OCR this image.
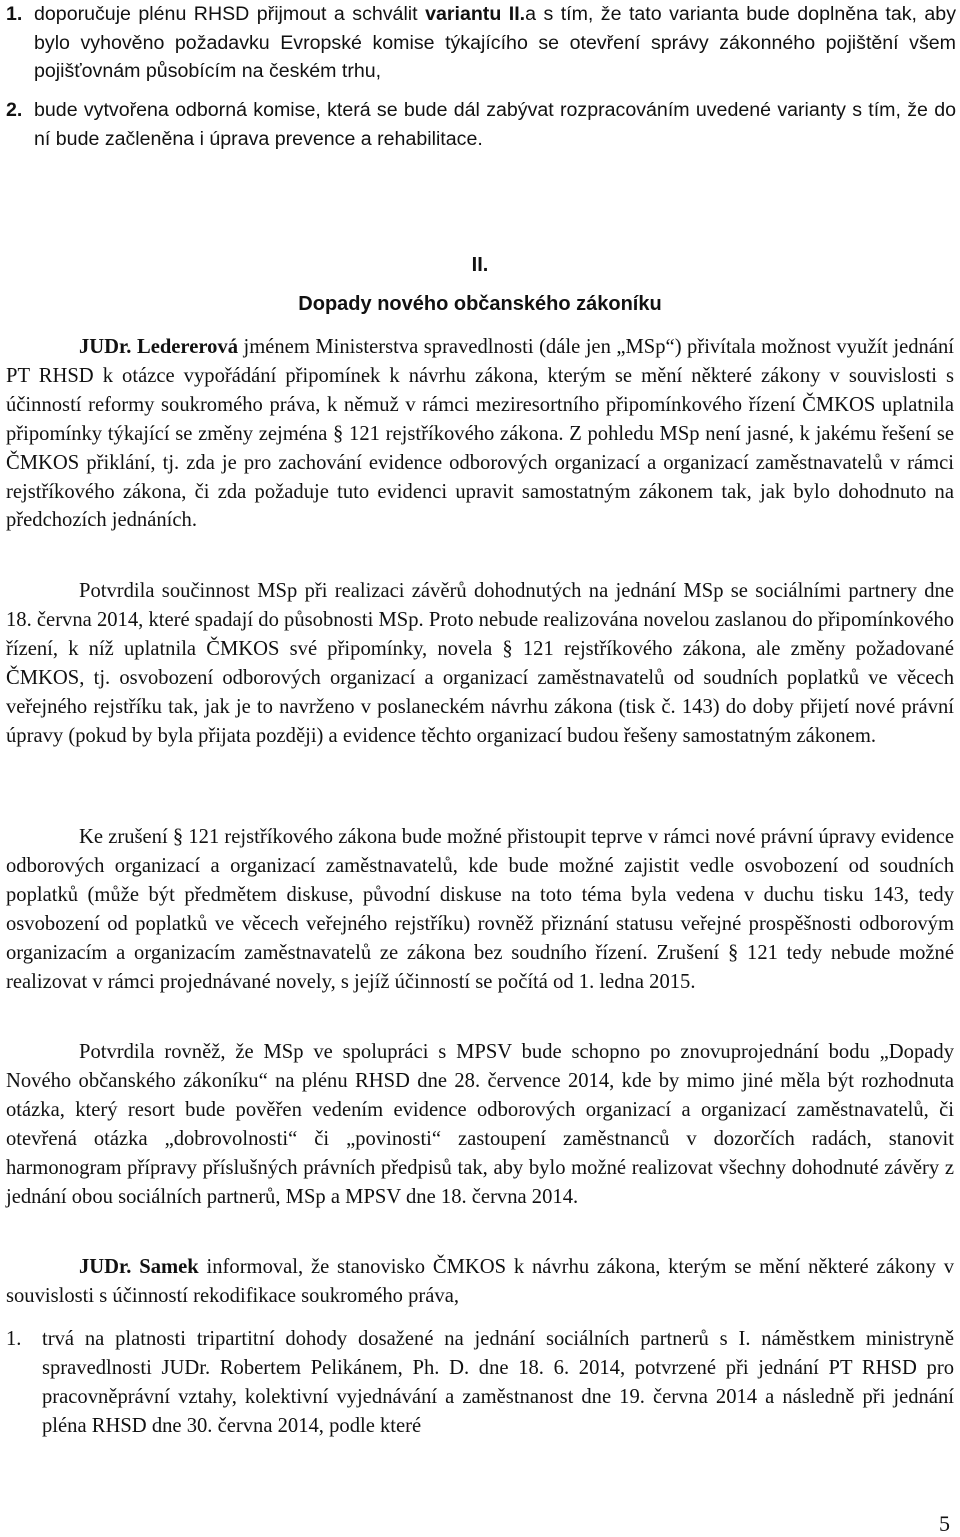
1. doporučuje plénu RHSD přijmout a schválit variantu II.a s tím, že tato varianta bude doplněna tak, aby bylo vyhověno požadavku Evropské komise týkajícího se otevření správy zákonného pojištění všem pojišťovnám působícím na českém trhu,
2. bude vytvořena odborná komise, která se bude dál zabývat rozpracováním uvedené varianty s tím, že do ní bude začleněna i úprava prevence a rehabilitace.
II.
Dopady nového občanského zákoníku

JUDr. Ledererová jménem Ministerstva spravedlnosti (dále jen „MSp“) přivítala možnost využít jednání PT RHSD k otázce vypořádání připomínek k návrhu zákona, kterým se mění některé zákony v souvislosti s účinností reformy soukromého práva, k němuž v rámci meziresortního připomínkového řízení ČMKOS uplatnila připomínky týkající se změny zejména § 121 rejstříkového zákona. Z pohledu MSp není jasné, k jakému řešení se ČMKOS přiklání, tj. zda je pro zachování evidence odborových organizací a organizací zaměstnavatelů v rámci rejstříkového zákona, či zda požaduje tuto evidenci upravit samostatným zákonem tak, jak bylo dohodnuto na předchozích jednáních.

Potvrdila součinnost MSp při realizaci závěrů dohodnutých na jednání MSp se sociálními partnery dne 18. června 2014, které spadají do působnosti MSp. Proto nebude realizována novelou zaslanou do připomínkového řízení, k níž uplatnila ČMKOS své připomínky, novela § 121 rejstříkového zákona, ale změny požadované ČMKOS, tj. osvobození odborových organizací a organizací zaměstnavatelů od soudních poplatků ve věcech veřejného rejstříku tak, jak je to navrženo v poslaneckém návrhu zákona (tisk č. 143) do doby přijetí nové právní úpravy (pokud by byla přijata později) a evidence těchto organizací budou řešeny samostatným zákonem.

Ke zrušení § 121 rejstříkového zákona bude možné přistoupit teprve v rámci nové právní úpravy evidence odborových organizací a organizací zaměstnavatelů, kde bude možné zajistit vedle osvobození od soudních poplatků (může být předmětem diskuse, původní diskuse na toto téma byla vedena v duchu tisku 143, tedy osvobození od poplatků ve věcech veřejného rejstříku) rovněž přiznání statusu veřejné prospěšnosti odborovým organizacím a organizacím zaměstnavatelů ze zákona bez soudního řízení. Zrušení § 121 tedy nebude možné realizovat v rámci projednávané novely, s jejíž účinností se počítá od 1. ledna 2015.

Potvrdila rovněž, že MSp ve spolupráci s MPSV bude schopno po znovuprojednání bodu „Dopady Nového občanského zákoníku“ na plénu RHSD dne 28. července 2014, kde by mimo jiné měla být rozhodnuta otázka, který resort bude pověřen vedením evidence odborových organizací a organizací zaměstnavatelů, či otevřená otázka „dobrovolnosti“ či „povinosti“ zastoupení zaměstnanců v dozorčích radách, stanovit harmonogram přípravy příslušných právních předpisů tak, aby bylo možné realizovat všechny dohodnuté závěry z jednání obou sociálních partnerů, MSp a MPSV dne 18. června 2014.

JUDr. Samek informoval, že stanovisko ČMKOS k návrhu zákona, kterým se mění některé zákony v souvislosti s účinností rekodifikace soukromého práva,

1. trvá na platnosti tripartitní dohody dosažené na jednání sociálních partnerů s I. náměstkem ministryně spravedlnosti JUDr. Robertem Pelikánem, Ph. D. dne 18. 6. 2014, potvrzené při jednání PT RHSD pro pracovněprávní vztahy, kolektivní vyjednávání a zaměstnanost dne 19. června 2014 a následně při jednání pléna RHSD dne 30. června 2014, podle které
5
